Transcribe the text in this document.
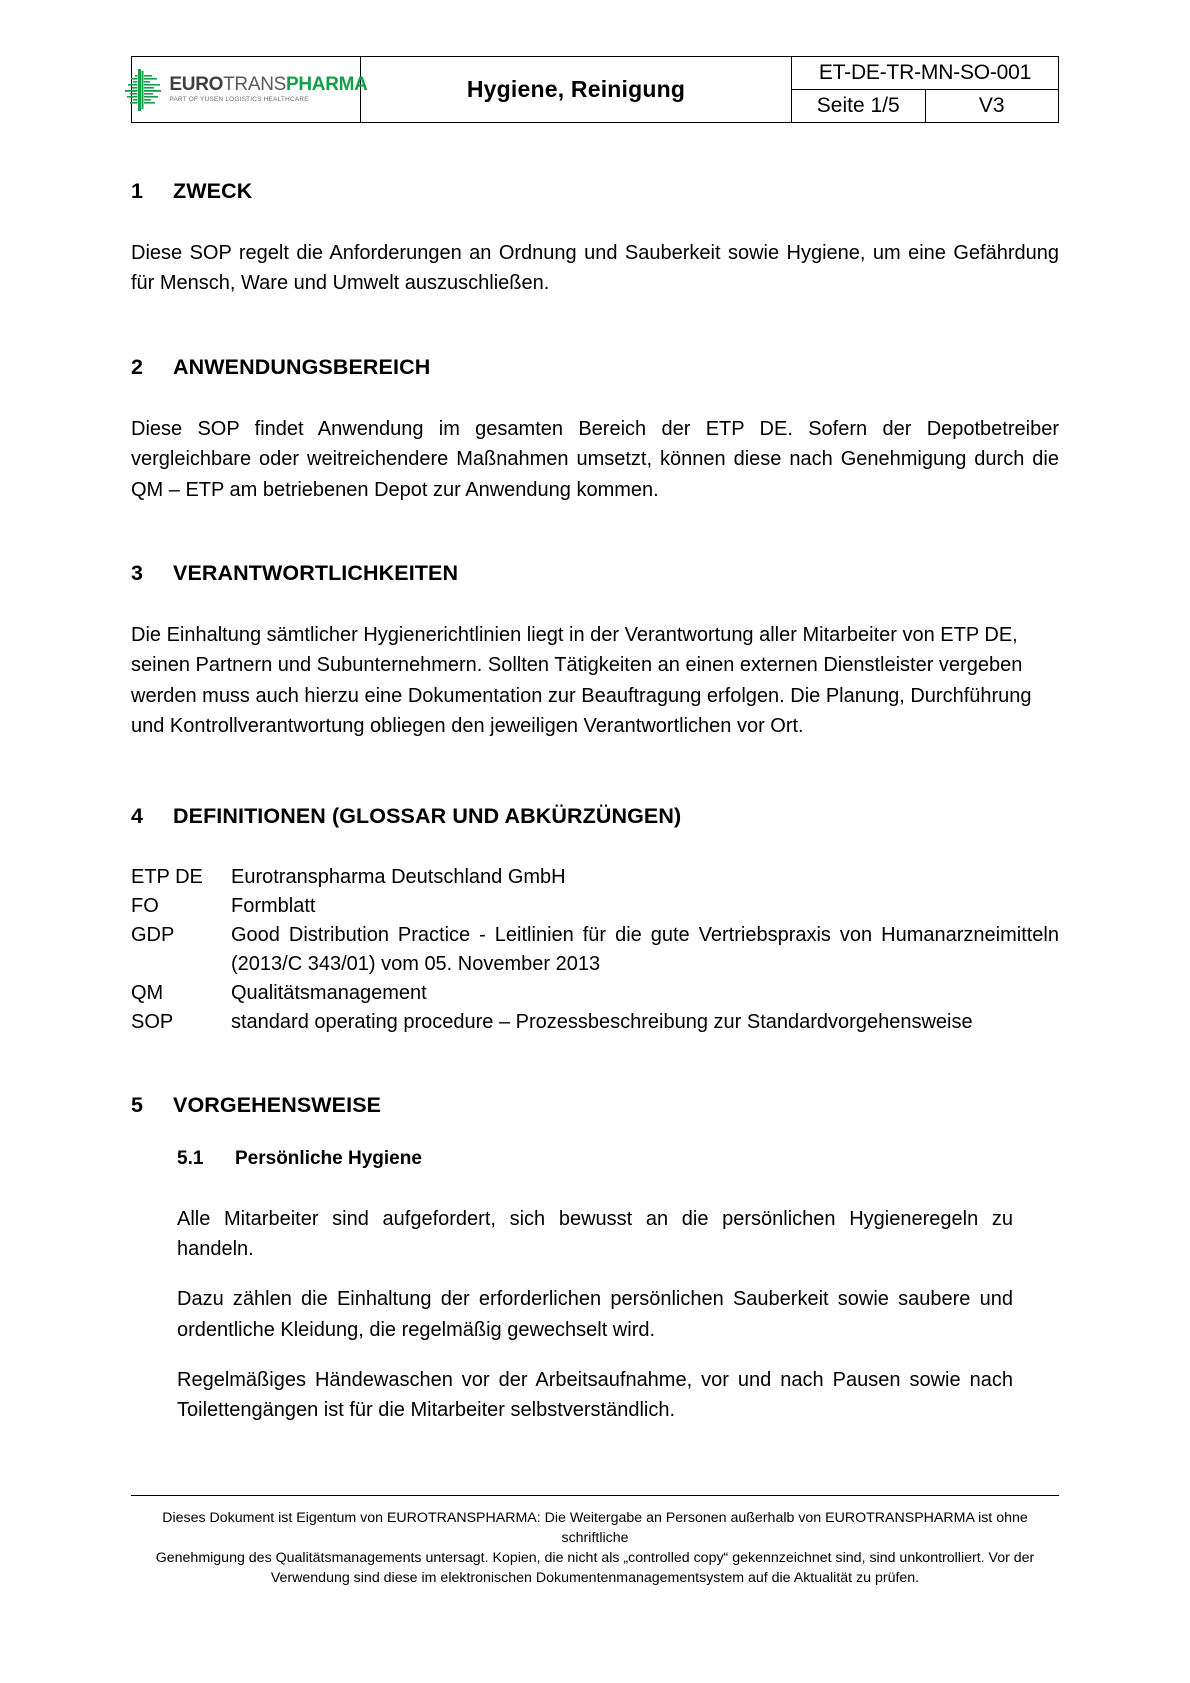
EUROTRANSPHARMA
PART OF YUSEN LOGISTICS HEALTHCARE	Hygiene, Reinigung	ET-DE-TR-MN-SO-001	

		Seite 1/5	V3
1	ZWECK

Diese SOP regelt die Anforderungen an Ordnung und Sauberkeit sowie Hygiene, um eine Gefährdung für Mensch, Ware und Umwelt auszuschließen.

2	ANWENDUNGSBEREICH

Diese SOP findet Anwendung im gesamten Bereich der ETP DE. Sofern der Depotbetreiber vergleichbare oder weitreichendere Maßnahmen umsetzt, können diese nach Genehmigung durch die QM – ETP am betriebenen Depot zur Anwendung kommen.

3	VERANTWORTLICHKEITEN

Die Einhaltung sämtlicher Hygienerichtlinien liegt in der Verantwortung aller Mitarbeiter von ETP DE, seinen Partnern und Subunternehmern. Sollten Tätigkeiten an einen externen Dienstleister vergeben werden muss auch hierzu eine Dokumentation zur Beauftragung erfolgen. Die Planung, Durchführung und Kontrollverantwortung obliegen den jeweiligen Verantwortlichen vor Ort.

4	DEFINITIONEN (GLOSSAR UND ABKÜRZÜNGEN)
ETP DE	Eurotranspharma Deutschland GmbH
FO	Formblatt
GDP	Good Distribution Practice - Leitlinien für die gute Vertriebspraxis von Humanarzneimitteln (2013/C 343/01) vom 05. November 2013
QM	Qualitätsmanagement
SOP	standard operating procedure – Prozessbeschreibung zur Standardvorgehensweise
5	VORGEHENSWEISE
5.1	Persönliche Hygiene

Alle Mitarbeiter sind aufgefordert, sich bewusst an die persönlichen Hygieneregeln zu handeln.

Dazu zählen die Einhaltung der erforderlichen persönlichen Sauberkeit sowie saubere und ordentliche Kleidung, die regelmäßig gewechselt wird.

Regelmäßiges Händewaschen vor der Arbeitsaufnahme, vor und nach Pausen sowie nach Toilettengängen ist für die Mitarbeiter selbstverständlich.

Dieses Dokument ist Eigentum von EUROTRANSPHARMA: Die Weitergabe an Personen außerhalb von EUROTRANSPHARMA ist ohne schriftliche

Genehmigung des Qualitätsmanagements untersagt. Kopien, die nicht als „controlled copy“ gekennzeichnet sind, sind unkontrolliert. Vor der

Verwendung sind diese im elektronischen Dokumentenmanagementsystem auf die Aktualität zu prüfen.
